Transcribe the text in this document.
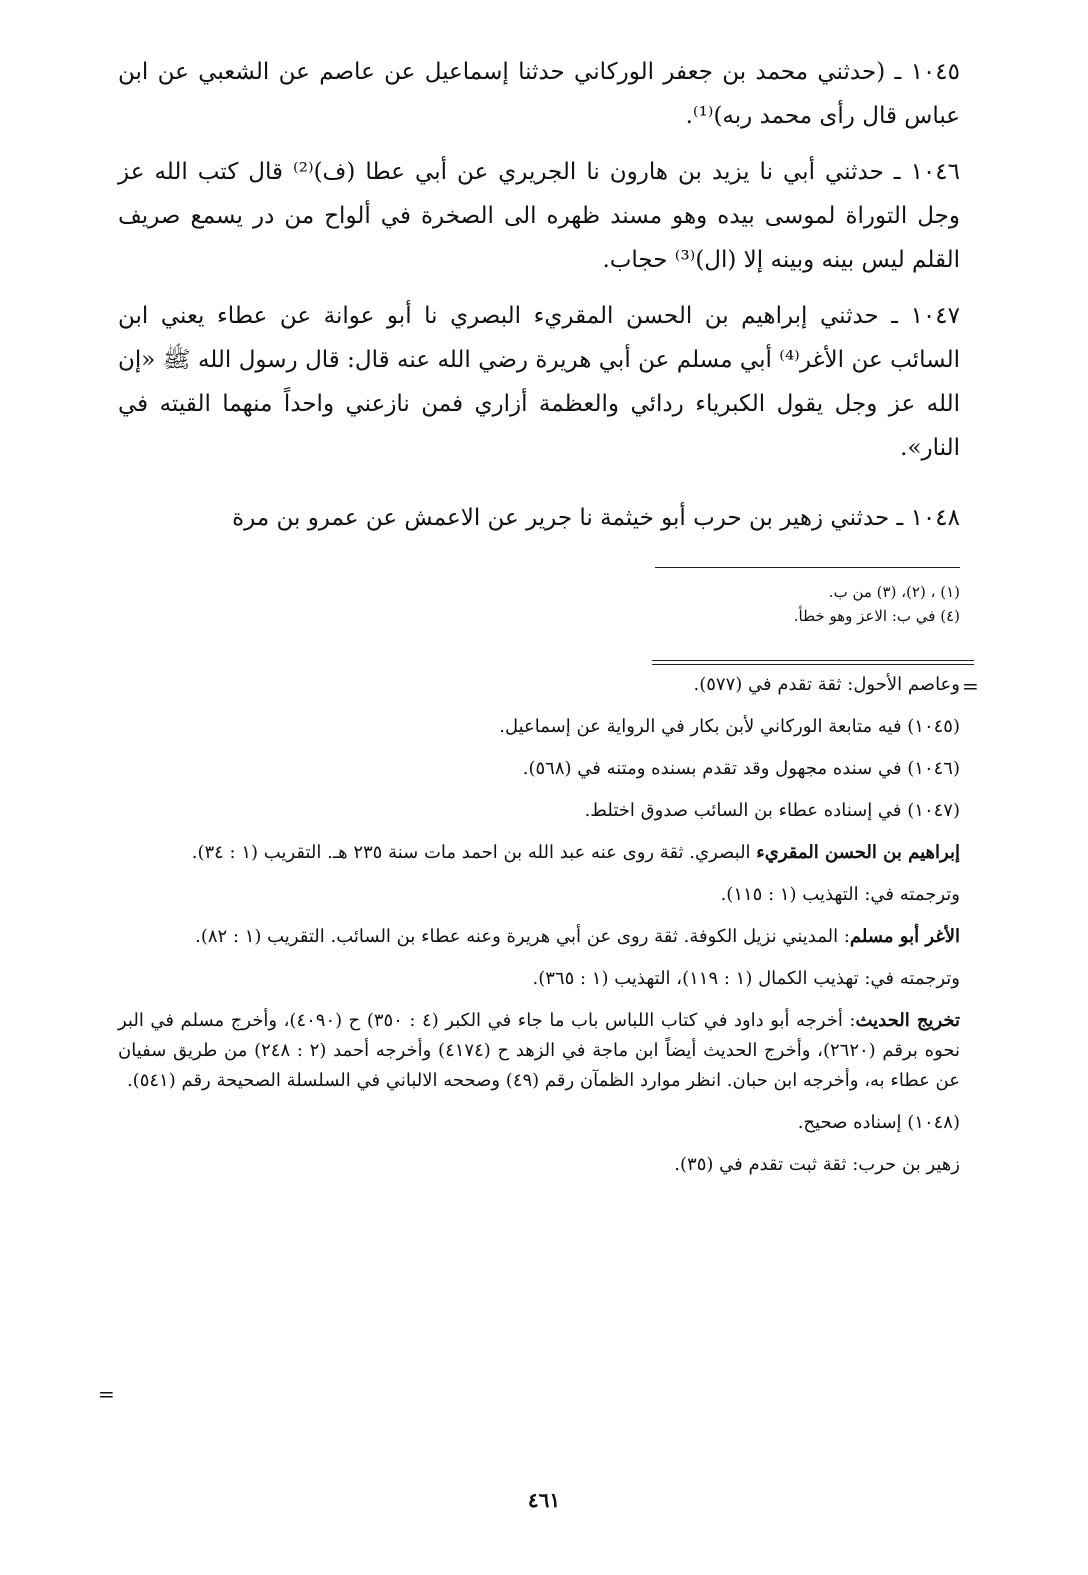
١٠٤٥ ـ (حدثني محمد بن جعفر الوركاني حدثنا إسماعيل عن عاصم عن الشعبي عن ابن عباس قال رأى محمد ربه)⁽¹⁾.

١٠٤٦ ـ حدثني أبي نا يزيد بن هارون نا الجريري عن أبي عطا (ف)⁽²⁾ قال كتب الله عز وجل التوراة لموسى بيده وهو مسند ظهره الى الصخرة في ألواح من در يسمع صريف القلم ليس بينه وبينه إلا (ال)⁽³⁾ حجاب.

١٠٤٧ ـ حدثني إبراهيم بن الحسن المقريء البصري نا أبو عوانة عن عطاء يعني ابن السائب عن الأغر⁽⁴⁾ أبي مسلم عن أبي هريرة رضي الله عنه قال: قال رسول الله ﷺ «إن الله عز وجل يقول الكبرياء ردائي والعظمة أزاري فمن نازعني واحداً منهما القيته في النار».

١٠٤٨ ـ حدثني زهير بن حرب أبو خيثمة نا جرير عن الاعمش عن عمرو بن مرة

(١) ، (٢)، (٣) من ب.
(٤) في ب: الاعز وهو خطأ.
=

وعاصم الأحول: ثقة تقدم في (٥٧٧).

(١٠٤٥) فيه متابعة الوركاني لأبن بكار في الرواية عن إسماعيل.

(١٠٤٦) في سنده مجهول وقد تقدم بسنده ومتنه في (٥٦٨).

(١٠٤٧) في إسناده عطاء بن السائب صدوق اختلط.

إبراهيم بن الحسن المقريء البصري. ثقة روى عنه عبد الله بن احمد مات سنة ٢٣٥ هـ. التقريب (١ : ٣٤).

وترجمته في: التهذيب (١ : ١١٥).

الأغر أبو مسلم: المديني نزيل الكوفة. ثقة روى عن أبي هريرة وعنه عطاء بن السائب. التقريب (١ : ٨٢).

وترجمته في: تهذيب الكمال (١ : ١١٩)، التهذيب (١ : ٣٦٥).

تخريج الحديث: أخرجه أبو داود في كتاب اللباس باب ما جاء في الكبر (٤ : ٣٥٠) ح (٤٠٩٠)، وأخرج مسلم في البر نحوه برقم (٢٦٢٠)، وأخرج الحديث أيضاً ابن ماجة في الزهد ح (٤١٧٤) وأخرجه أحمد (٢ : ٢٤٨) من طريق سفيان عن عطاء به، وأخرجه ابن حبان. انظر موارد الظمآن رقم (٤٩) وصححه الالباني في السلسلة الصحيحة رقم (٥٤١).

(١٠٤٨) إسناده صحيح.

زهير بن حرب: ثقة ثبت تقدم في (٣٥).

=
٤٦١
